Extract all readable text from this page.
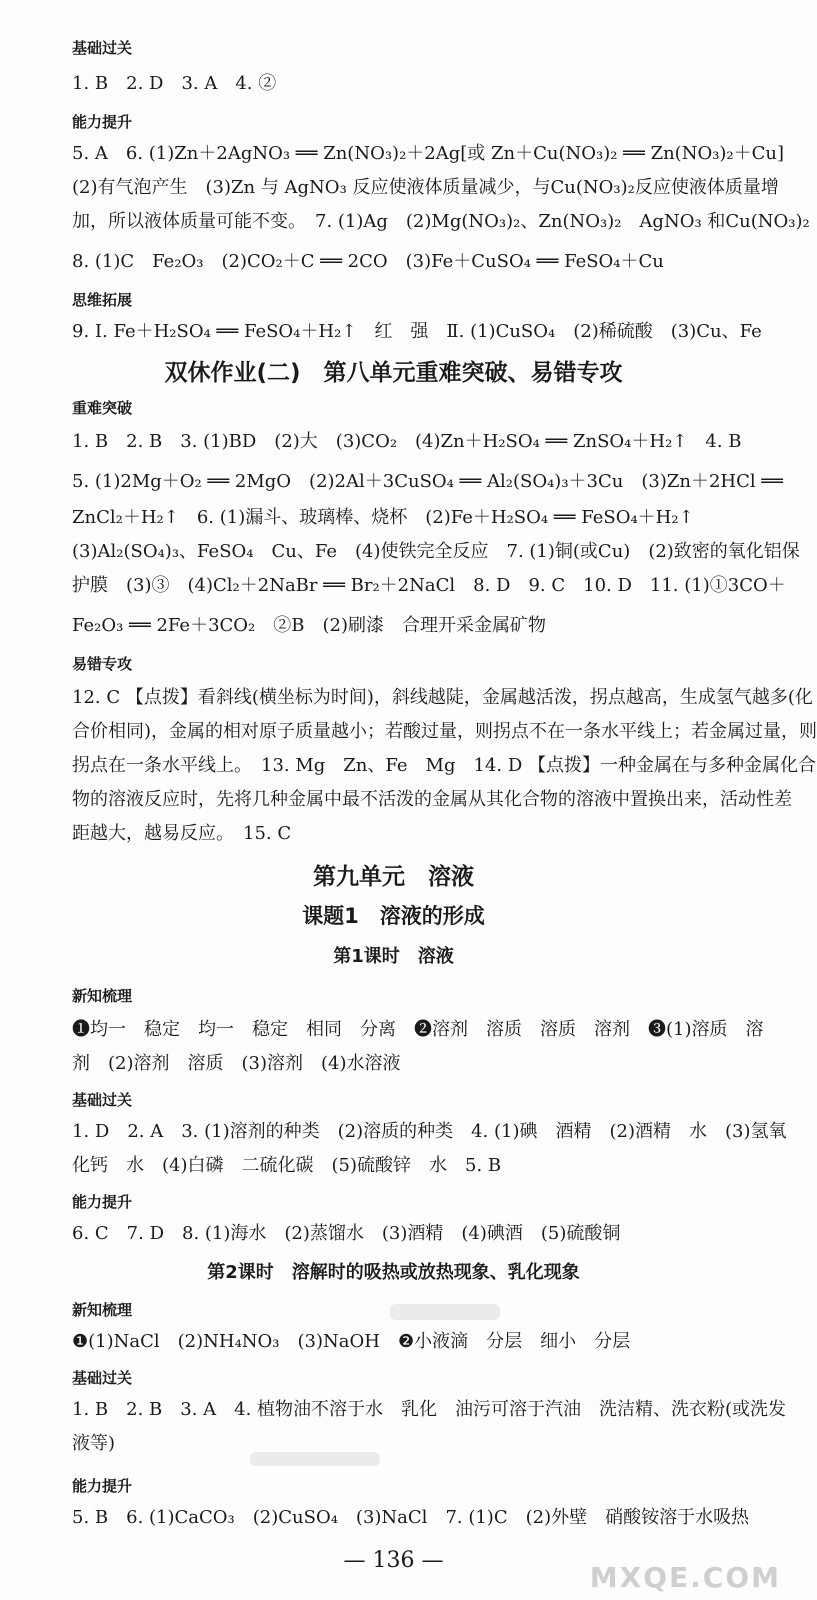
基础过关
1. B　2. D　3. A　4. ②
能力提升
5. A　6. (1)Zn＋2AgNO₃ ══ Zn(NO₃)₂＋2Ag[或 Zn＋Cu(NO₃)₂ ══ Zn(NO₃)₂＋Cu]
(2)有气泡产生　(3)Zn 与 AgNO₃ 反应使液体质量减少，与Cu(NO₃)₂反应使液体质量增
加，所以液体质量可能不变。　7. (1)Ag　(2)Mg(NO₃)₂、Zn(NO₃)₂　AgNO₃ 和Cu(NO₃)₂
8. (1)C　Fe₂O₃　(2)CO₂＋C ══ 2CO　(3)Fe＋CuSO₄ ══ FeSO₄＋Cu
思维拓展
9. Ⅰ. Fe＋H₂SO₄ ══ FeSO₄＋H₂↑　红　强　Ⅱ. (1)CuSO₄　(2)稀硫酸　(3)Cu、Fe
双休作业(二)　第八单元重难突破、易错专攻
重难突破
1. B　2. B　3. (1)BD　(2)大　(3)CO₂　(4)Zn＋H₂SO₄ ══ ZnSO₄＋H₂↑　4. B
5. (1)2Mg＋O₂ ══ 2MgO　(2)2Al＋3CuSO₄ ══ Al₂(SO₄)₃＋3Cu　(3)Zn＋2HCl ══
ZnCl₂＋H₂↑　6. (1)漏斗、玻璃棒、烧杯　(2)Fe＋H₂SO₄ ══ FeSO₄＋H₂↑
(3)Al₂(SO₄)₃、FeSO₄　Cu、Fe　(4)使铁完全反应　7. (1)铜(或Cu)　(2)致密的氧化铝保
护膜　(3)③　(4)Cl₂＋2NaBr ══ Br₂＋2NaCl　8. D　9. C　10. D　11. (1)①3CO＋
Fe₂O₃ ══ 2Fe＋3CO₂　②B　(2)刷漆　合理开采金属矿物
易错专攻
12. C 【点拨】看斜线(横坐标为时间)，斜线越陡，金属越活泼，拐点越高，生成氢气越多(化
合价相同)，金属的相对原子质量越小；若酸过量，则拐点不在一条水平线上；若金属过量，则
拐点在一条水平线上。　13. Mg　Zn、Fe　Mg　14. D 【点拨】一种金属在与多种金属化合
物的溶液反应时，先将几种金属中最不活泼的金属从其化合物的溶液中置换出来，活动性差
距越大，越易反应。　15. C
第九单元　溶液
课题1　溶液的形成
第1课时　溶液
新知梳理
❶均一　稳定　均一　稳定　相同　分离　❷溶剂　溶质　溶质　溶剂　❸(1)溶质　溶
剂　(2)溶剂　溶质　(3)溶剂　(4)水溶液
基础过关
1. D　2. A　3. (1)溶剂的种类　(2)溶质的种类　4. (1)碘　酒精　(2)酒精　水　(3)氢氧
化钙　水　(4)白磷　二硫化碳　(5)硫酸锌　水　5. B
能力提升
6. C　7. D　8. (1)海水　(2)蒸馏水　(3)酒精　(4)碘酒　(5)硫酸铜
第2课时　溶解时的吸热或放热现象、乳化现象
新知梳理
❶(1)NaCl　(2)NH₄NO₃　(3)NaOH　❷小液滴　分层　细小　分层
基础过关
1. B　2. B　3. A　4. 植物油不溶于水　乳化　油污可溶于汽油　洗洁精、洗衣粉(或洗发
液等)
能力提升
5. B　6. (1)CaCO₃　(2)CuSO₄　(3)NaCl　7. (1)C　(2)外壁　硝酸铵溶于水吸热
— 136 —
MXQE.COM
